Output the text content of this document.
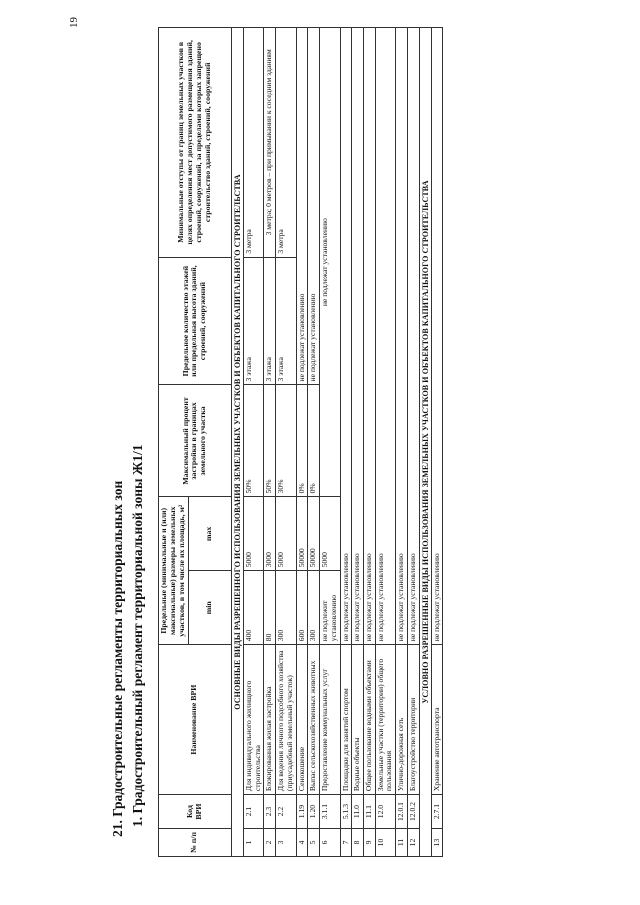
19
21. Градостроительные регламенты территориальных зон 1. Градостроительный регламент территориальной зоны Ж1/1
№ п/п	Код ВРИ	Наименование ВРИ	Предельные (минимальные и (или) максимальные) размеры земельных участков, в том числе их площадь, м²		Максимальный процент застройки в границах земельного участка	Предельное количество этажей или предельная высота зданий, строений, сооружений	Минимальные отступы от границ земельных участков в целях определения мест допустимого размещения зданий, строений, сооружений, за пределами которых запрещено строительство зданий, строений, сооружений
			min	max			
ОСНОВНЫЕ ВИДЫ РАЗРЕШЕННОГО ИСПОЛЬЗОВАНИЯ ЗЕМЕЛЬНЫХ УЧАСТКОВ И ОБЪЕКТОВ КАПИТАЛЬНОГО СТРОИТЕЛЬСТВА							
1	2.1	Для индивидуального жилищного строительства	400	5000	50%	3 этажа	3 метра
2	2.3	Блокированная жилая застройка	80	3000	50%	3 этажа	3 метра; 0 метров – при примыкании к соседним зданиям
3	2.2	Для ведения личного подсобного хозяйства (приусадебный земельный участок)	300	5000	30%	3 этажа	3 метра
4	1.19	Сенокошение	600	50000	0%	не подлежат установлению	
5	1.20	Выпас сельскохозяйственных животных	300	50000	0%	не подлежат установлению	
6	3.1.1	Предоставление коммунальных услуг	не подлежит установлению	5000	не подлежат установлению		
7	5.1.3	Площадки для занятий спортом	не подлежат установлению				
8	11.0	Водные объекты	не подлежат установлению				
9	11.1	Общее пользование водными объектами	не подлежат установлению				
10	12.0	Земельные участки (территории) общего пользования	не подлежат установлению				
11	12.0.1	Улично-дорожная сеть	не подлежат установлению				
12	12.0.2	Благоустройство территории	не подлежат установлению				
УСЛОВНО РАЗРЕШЕННЫЕ ВИДЫ ИСПОЛЬЗОВАНИЯ ЗЕМЕЛЬНЫХ УЧАСТКОВ И ОБЪЕКТОВ КАПИТАЛЬНОГО СТРОИТЕЛЬСТВА							
13	2.7.1	Хранение автотранспорта	не подлежат установлению				
